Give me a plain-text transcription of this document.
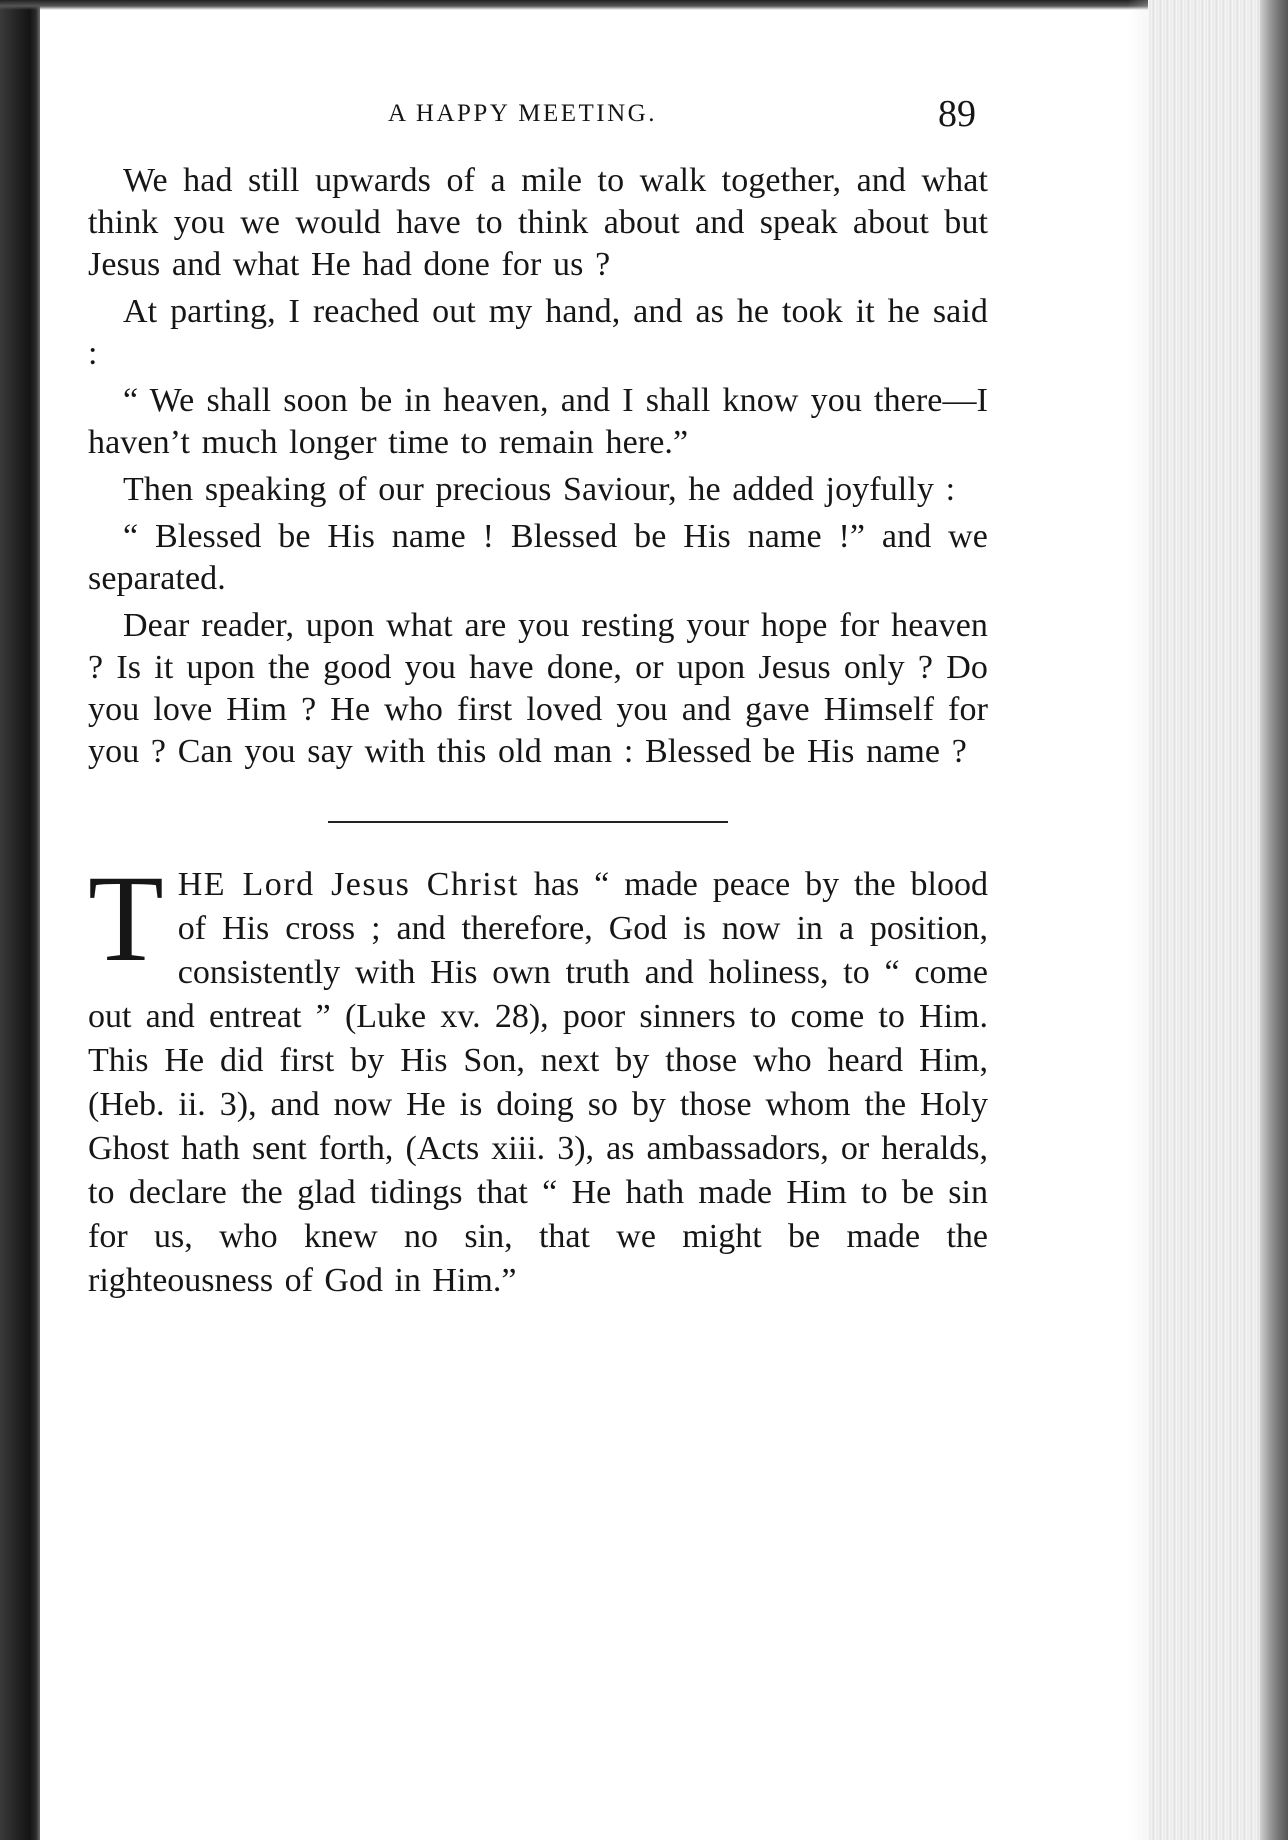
A HAPPY MEETING.	89

We had still upwards of a mile to walk together, and what think you we would have to think about and speak about but Jesus and what He had done for us ?

At parting, I reached out my hand, and as he took it he said :

“ We shall soon be in heaven, and I shall know you there—I haven’t much longer time to remain here.”

Then speaking of our precious Saviour, he added joyfully :

“ Blessed be His name ! Blessed be His name !” and we separated.

Dear reader, upon what are you resting your hope for heaven ? Is it upon the good you have done, or upon Jesus only ? Do you love Him ? He who first loved you and gave Himself for you ? Can you say with this old man : Blessed be His name ?

THE Lord Jesus Christ has “ made peace by the blood of His cross ; and therefore, God is now in a position, consistently with His own truth and holiness, to “ come out and entreat ” (Luke xv. 28), poor sinners to come to Him. This He did first by His Son, next by those who heard Him, (Heb. ii. 3), and now He is doing so by those whom the Holy Ghost hath sent forth, (Acts xiii. 3), as ambassadors, or heralds, to declare the glad tidings that “ He hath made Him to be sin for us, who knew no sin, that we might be made the righteousness of God in Him.”
